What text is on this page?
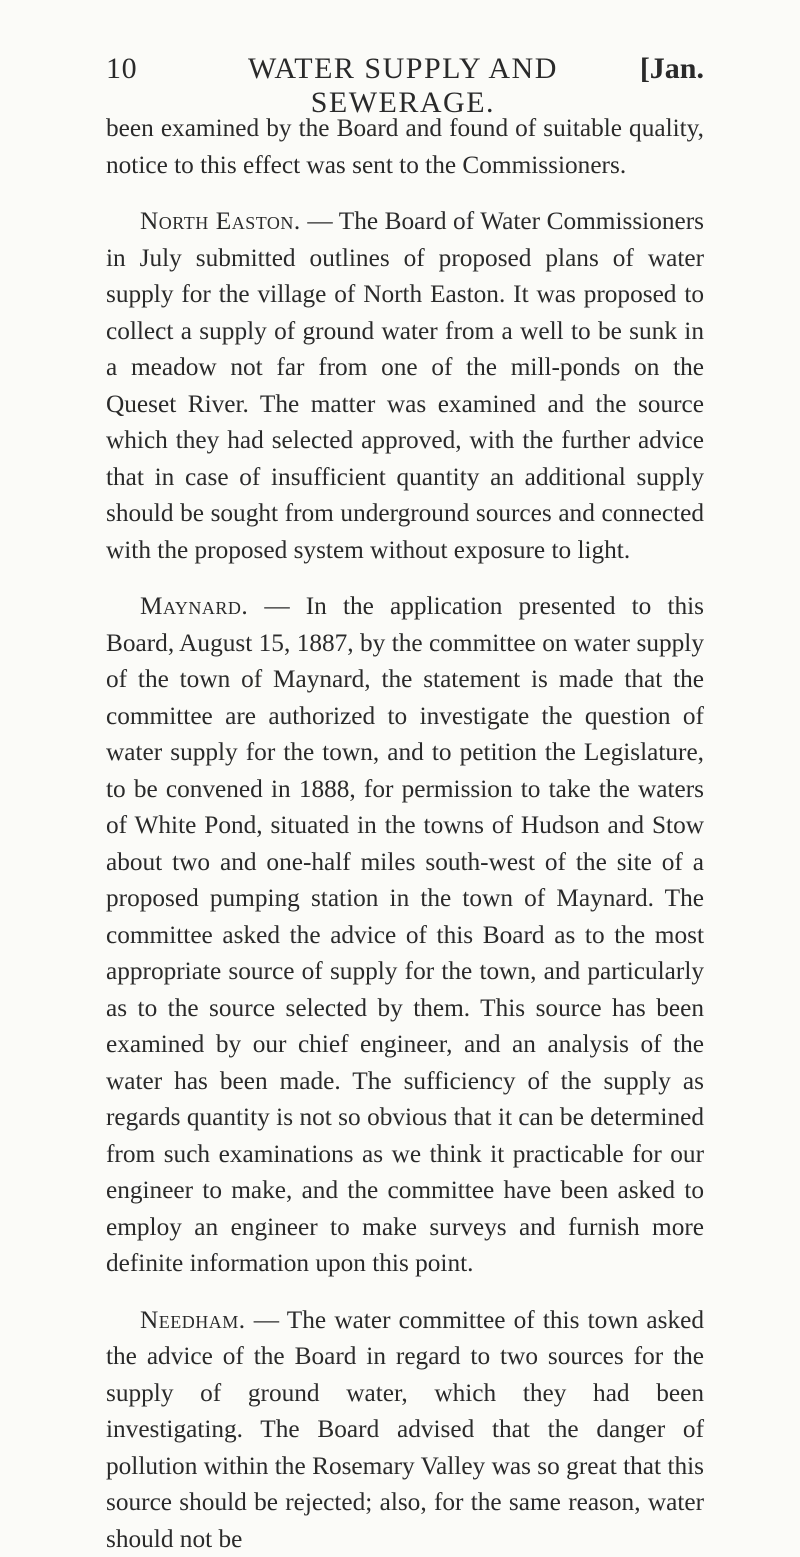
10	WATER SUPPLY AND SEWERAGE.
[Jan.

been examined by the Board and found of suitable quality, notice to this effect was sent to the Commissioners.

North Easton. — The Board of Water Commissioners in July submitted outlines of proposed plans of water supply for the village of North Easton. It was proposed to collect a supply of ground water from a well to be sunk in a meadow not far from one of the mill-ponds on the Queset River. The matter was examined and the source which they had selected approved, with the further advice that in case of insufficient quantity an additional supply should be sought from underground sources and connected with the proposed system without exposure to light.

Maynard. — In the application presented to this Board, August 15, 1887, by the committee on water supply of the town of Maynard, the statement is made that the committee are authorized to investigate the question of water supply for the town, and to petition the Legislature, to be convened in 1888, for permission to take the waters of White Pond, situated in the towns of Hudson and Stow about two and one-half miles south-west of the site of a proposed pumping station in the town of Maynard. The committee asked the advice of this Board as to the most appropriate source of supply for the town, and particularly as to the source selected by them. This source has been examined by our chief engineer, and an analysis of the water has been made. The sufficiency of the supply as regards quantity is not so obvious that it can be determined from such examinations as we think it practicable for our engineer to make, and the committee have been asked to employ an engineer to make surveys and furnish more definite information upon this point.

Needham. — The water committee of this town asked the advice of the Board in regard to two sources for the supply of ground water, which they had been investigating. The Board advised that the danger of pollution within the Rosemary Valley was so great that this source should be rejected; also, for the same reason, water should not be
